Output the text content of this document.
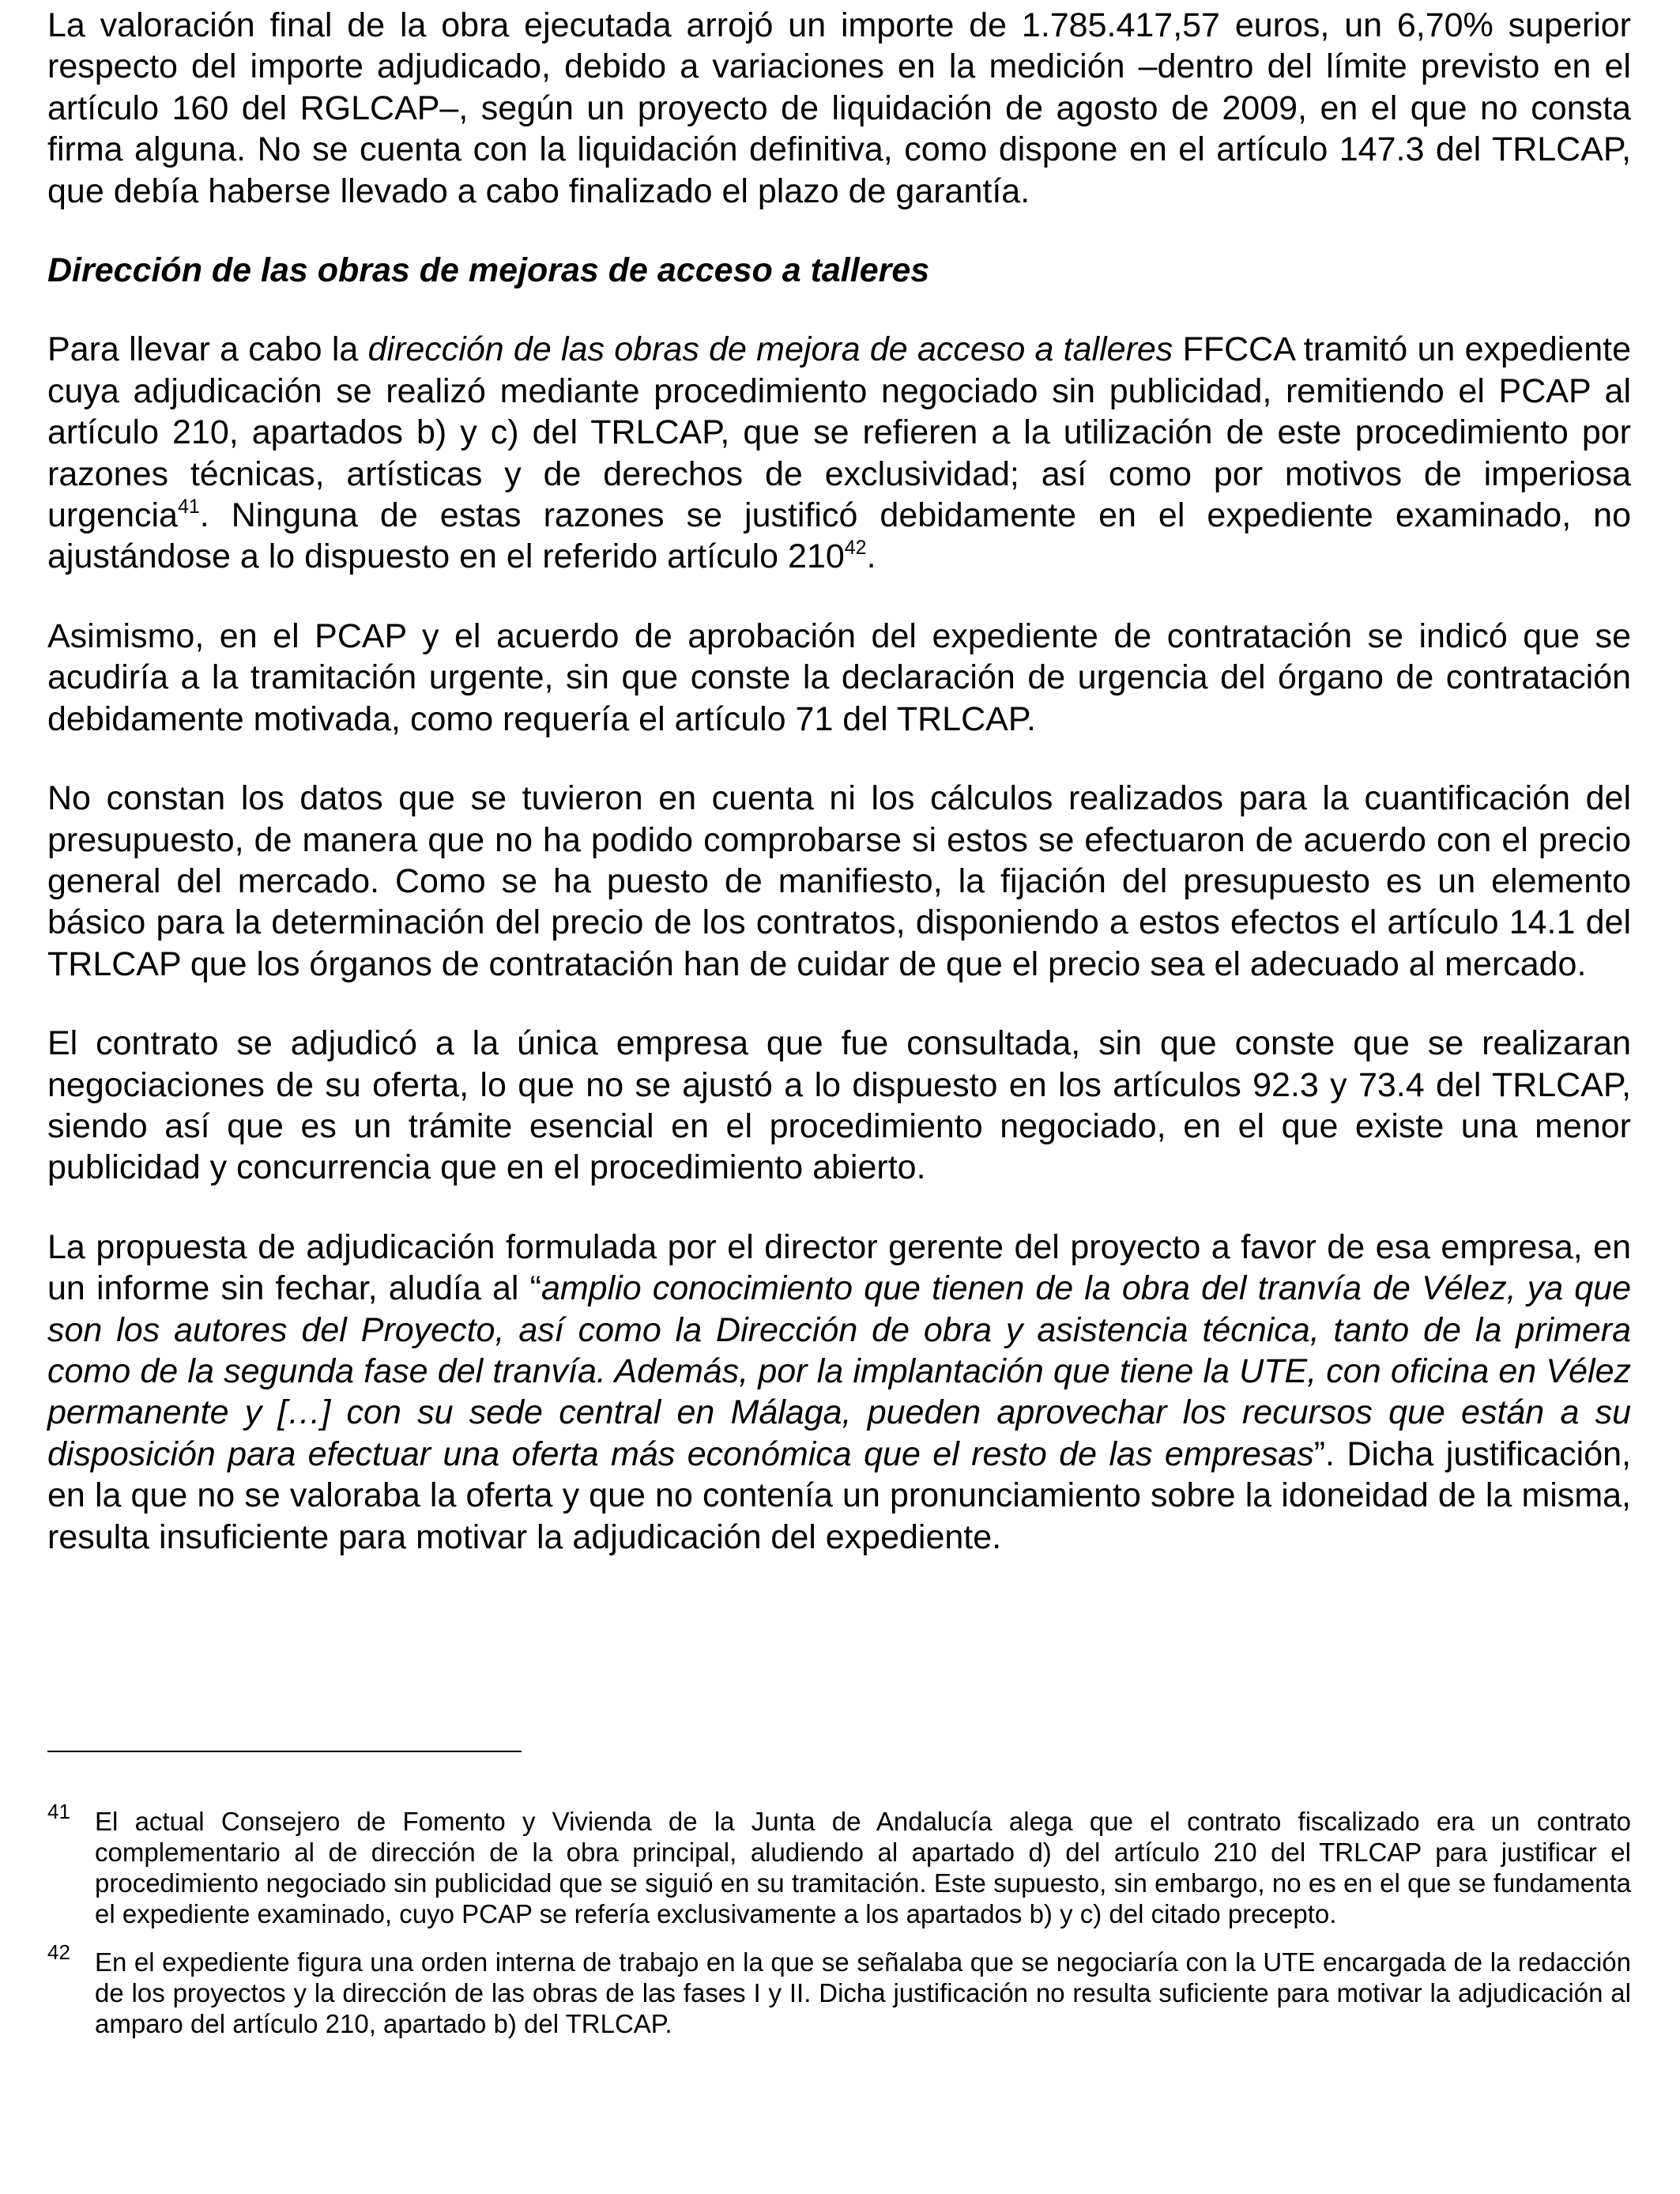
La valoración final de la obra ejecutada arrojó un importe de 1.785.417,57 euros, un 6,70% superior respecto del importe adjudicado, debido a variaciones en la medición –dentro del límite previsto en el artículo 160 del RGLCAP–, según un proyecto de liquidación de agosto de 2009, en el que no consta firma alguna. No se cuenta con la liquidación definitiva, como dispone en el artículo 147.3 del TRLCAP, que debía haberse llevado a cabo finalizado el plazo de garantía.

Dirección de las obras de mejoras de acceso a talleres

Para llevar a cabo la dirección de las obras de mejora de acceso a talleres FFCCA tramitó un expediente cuya adjudicación se realizó mediante procedimiento negociado sin publicidad, remitiendo el PCAP al artículo 210, apartados b) y c) del TRLCAP, que se refieren a la utilización de este procedimiento por razones técnicas, artísticas y de derechos de exclusividad; así como por motivos de imperiosa urgencia$^{41}$. Ninguna de estas razones se justificó debidamente en el expediente examinado, no ajustándose a lo dispuesto en el referido artículo 210$^{42}$.

Asimismo, en el PCAP y el acuerdo de aprobación del expediente de contratación se indicó que se acudiría a la tramitación urgente, sin que conste la declaración de urgencia del órgano de contratación debidamente motivada, como requería el artículo 71 del TRLCAP.

No constan los datos que se tuvieron en cuenta ni los cálculos realizados para la cuantificación del presupuesto, de manera que no ha podido comprobarse si estos se efectuaron de acuerdo con el precio general del mercado. Como se ha puesto de manifiesto, la fijación del presupuesto es un elemento básico para la determinación del precio de los contratos, disponiendo a estos efectos el artículo 14.1 del TRLCAP que los órganos de contratación han de cuidar de que el precio sea el adecuado al mercado.

El contrato se adjudicó a la única empresa que fue consultada, sin que conste que se realizaran negociaciones de su oferta, lo que no se ajustó a lo dispuesto en los artículos 92.3 y 73.4 del TRLCAP, siendo así que es un trámite esencial en el procedimiento negociado, en el que existe una menor publicidad y concurrencia que en el procedimiento abierto.

La propuesta de adjudicación formulada por el director gerente del proyecto a favor de esa empresa, en un informe sin fechar, aludía al “amplio conocimiento que tienen de la obra del tranvía de Vélez, ya que son los autores del Proyecto, así como la Dirección de obra y asistencia técnica, tanto de la primera como de la segunda fase del tranvía. Además, por la implantación que tiene la UTE, con oficina en Vélez permanente y […] con su sede central en Málaga, pueden aprovechar los recursos que están a su disposición para efectuar una oferta más económica que el resto de las empresas”. Dicha justificación, en la que no se valoraba la oferta y que no contenía un pronunciamiento sobre la idoneidad de la misma, resulta insuficiente para motivar la adjudicación del expediente.

41 El actual Consejero de Fomento y Vivienda de la Junta de Andalucía alega que el contrato fiscalizado era un contrato complementario al de dirección de la obra principal, aludiendo al apartado d) del artículo 210 del TRLCAP para justificar el procedimiento negociado sin publicidad que se siguió en su tramitación. Este supuesto, sin embargo, no es en el que se fundamenta el expediente examinado, cuyo PCAP se refería exclusivamente a los apartados b) y c) del citado precepto.
42 En el expediente figura una orden interna de trabajo en la que se señalaba que se negociaría con la UTE encargada de la redacción de los proyectos y la dirección de las obras de las fases I y II. Dicha justificación no resulta suficiente para motivar la adjudicación al amparo del artículo 210, apartado b) del TRLCAP.
